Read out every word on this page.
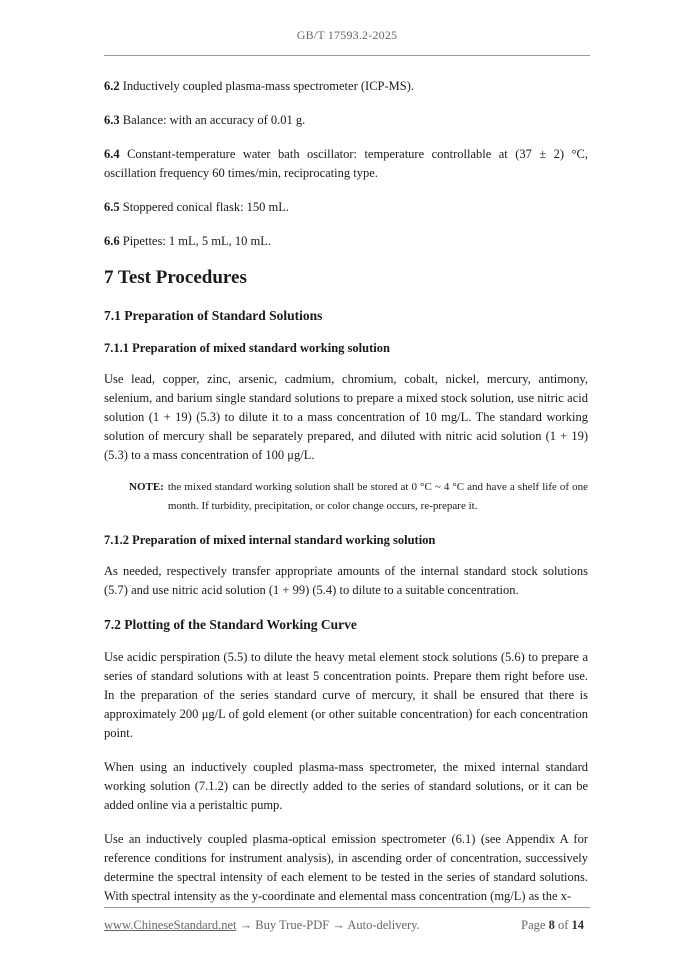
GB/T 17593.2-2025

6.2 Inductively coupled plasma-mass spectrometer (ICP-MS).

6.3 Balance: with an accuracy of 0.01 g.

6.4 Constant-temperature water bath oscillator: temperature controllable at (37 ± 2) °C, oscillation frequency 60 times/min, reciprocating type.

6.5 Stoppered conical flask: 150 mL.

6.6 Pipettes: 1 mL, 5 mL, 10 mL.

7 Test Procedures
7.1 Preparation of Standard Solutions
7.1.1 Preparation of mixed standard working solution

Use lead, copper, zinc, arsenic, cadmium, chromium, cobalt, nickel, mercury, antimony, selenium, and barium single standard solutions to prepare a mixed stock solution, use nitric acid solution (1 + 19) (5.3) to dilute it to a mass concentration of 10 mg/L. The standard working solution of mercury shall be separately prepared, and diluted with nitric acid solution (1 + 19) (5.3) to a mass concentration of 100 μg/L.

NOTE: the mixed standard working solution shall be stored at 0 °C ~ 4 °C and have a shelf life of one month. If turbidity, precipitation, or color change occurs, re-prepare it.
7.1.2 Preparation of mixed internal standard working solution

As needed, respectively transfer appropriate amounts of the internal standard stock solutions (5.7) and use nitric acid solution (1 + 99) (5.4) to dilute to a suitable concentration.

7.2 Plotting of the Standard Working Curve

Use acidic perspiration (5.5) to dilute the heavy metal element stock solutions (5.6) to prepare a series of standard solutions with at least 5 concentration points. Prepare them right before use. In the preparation of the series standard curve of mercury, it shall be ensured that there is approximately 200 μg/L of gold element (or other suitable concentration) for each concentration point.

When using an inductively coupled plasma-mass spectrometer, the mixed internal standard working solution (7.1.2) can be directly added to the series of standard solutions, or it can be added online via a peristaltic pump.

Use an inductively coupled plasma-optical emission spectrometer (6.1) (see Appendix A for reference conditions for instrument analysis), in ascending order of concentration, successively determine the spectral intensity of each element to be tested in the series of standard solutions. With spectral intensity as the y-coordinate and elemental mass concentration (mg/L) as the x-

www.ChineseStandard.net → Buy True-PDF → Auto-delivery.	Page 8 of 14
